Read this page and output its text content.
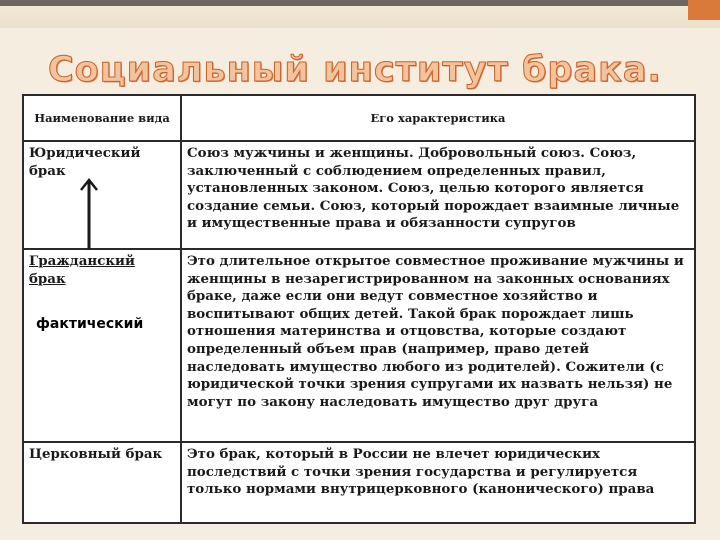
Социальный институт брака.
Наименование вида	Его характеристика
Юридический брак	Союз мужчины и женщины. Добровольный союз. Союз, заключенный с соблюдением определенных правил, установленных законом. Союз, целью которого является создание семьи. Союз, который порождает взаимные личные и имущественные права и обязанности супругов
Гражданский брак	Это длительное открытое совместное проживание мужчины и женщины в незарегистрированном на законных основаниях браке, даже если они ведут совместное хозяйство и воспитывают общих детей. Такой брак порождает лишь отношения материнства и отцовства, которые создают определенный объем прав (например, право детей наследовать имущество любого из родителей). Сожители (с юридической точки зрения супругами их назвать нельзя) не могут по закону наследовать имущество друг друга
Церковный брак	Это брак, который в России не влечет юридических последствий с точки зрения государства и регулируется только нормами внутрицерковного (канонического) права
фактический
